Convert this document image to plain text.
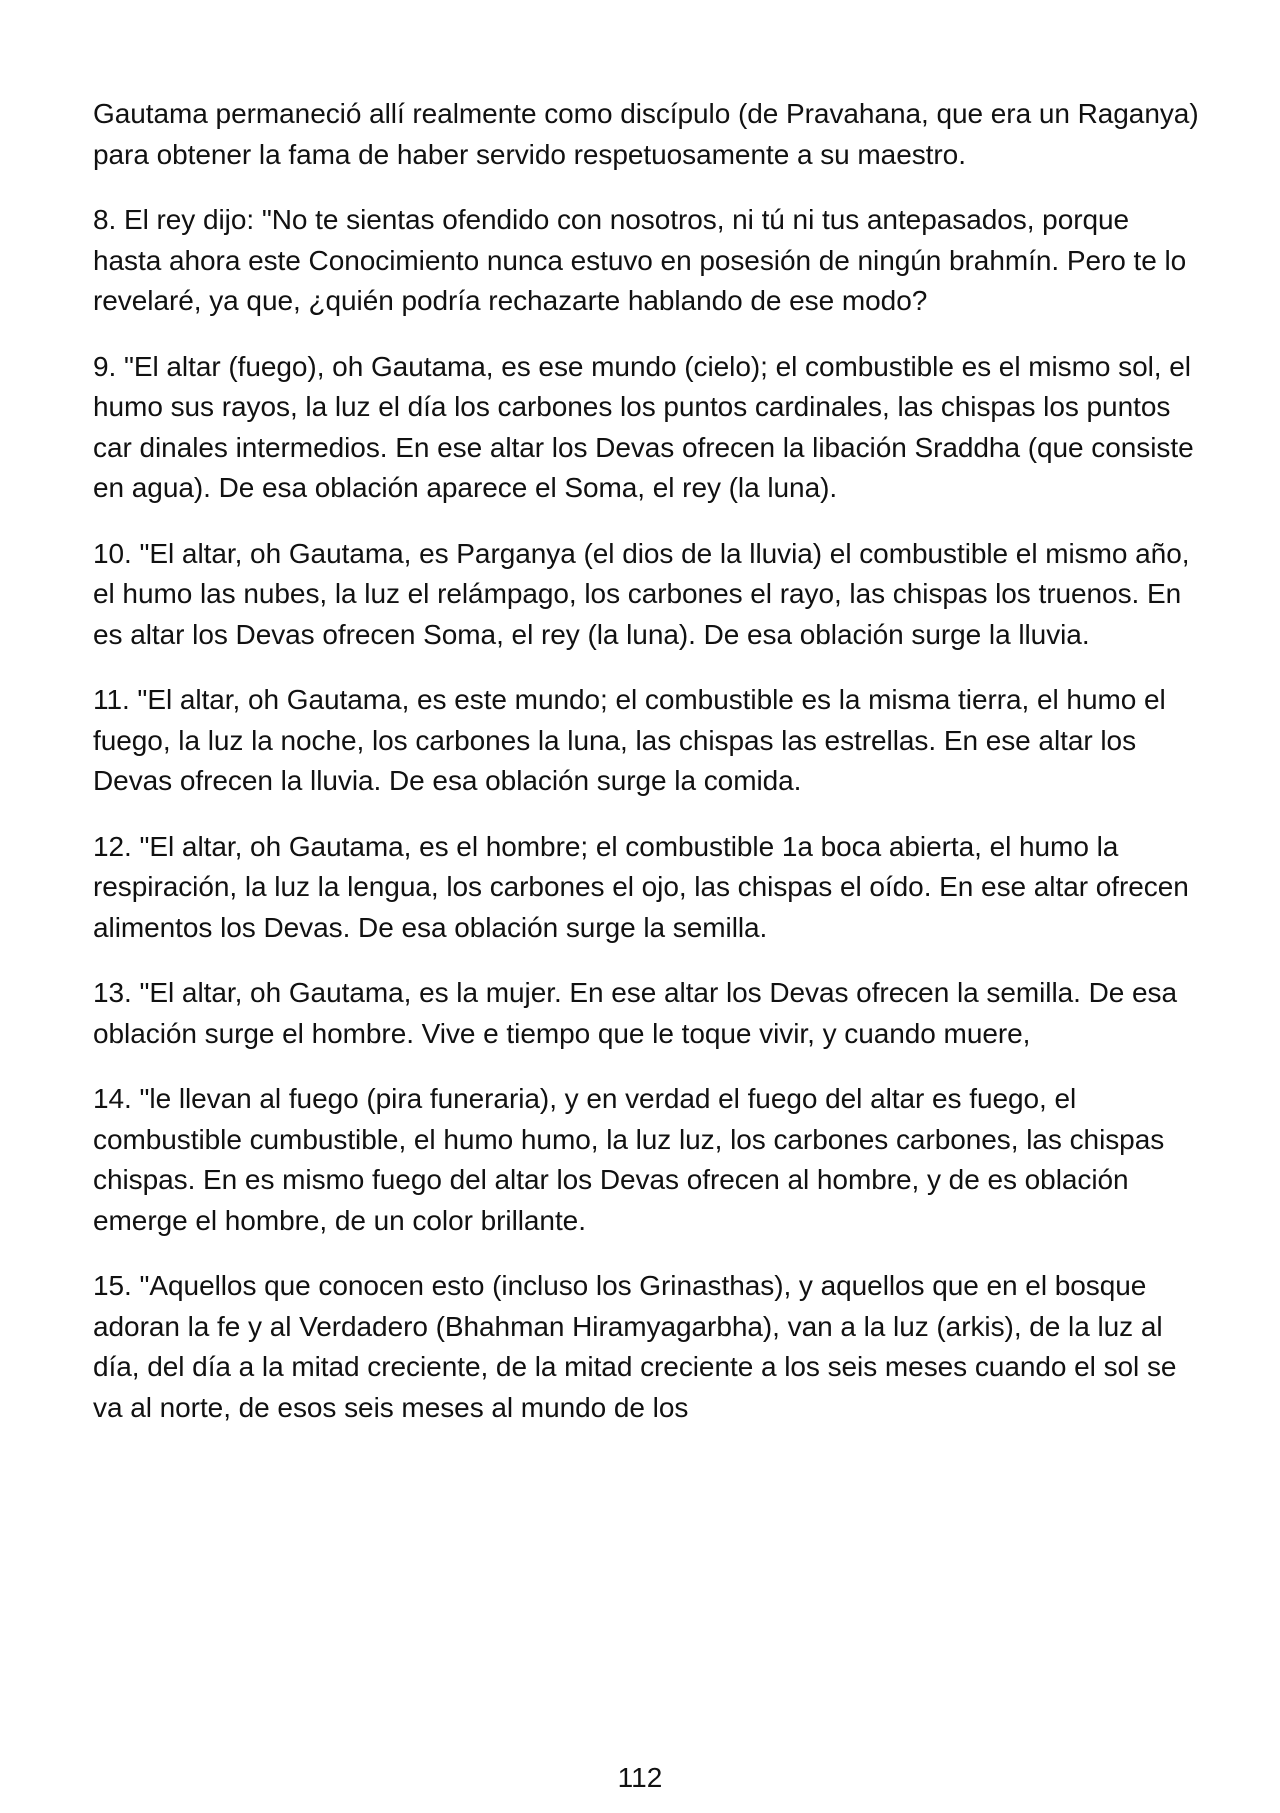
Gautama permaneció allí realmente como discípulo (de Pravahana, que era un Raganya) para obtener la fama de haber servido respetuosamente a su maestro.

8. El rey dijo: "No te sientas ofendido con nosotros, ni tú ni tus antepasados, porque hasta ahora este Conocimiento nunca estuvo en posesión de ningún brahmín. Pero te lo revelaré, ya que, ¿quién podría rechazarte hablando de ese modo?

9. "El altar (fuego), oh Gautama, es ese mundo (cielo); el combustible es el mismo sol, el humo sus rayos, la luz el día los carbones los puntos cardinales, las chispas los puntos car dinales intermedios. En ese altar los Devas ofrecen la libación Sraddha (que consiste en agua). De esa oblación aparece el Soma, el rey (la luna).

10. "El altar, oh Gautama, es Parganya (el dios de la lluvia) el combustible el mismo año, el humo las nubes, la luz el relámpago, los carbones el rayo, las chispas los truenos. En es altar los Devas ofrecen Soma, el rey (la luna). De esa oblación surge la lluvia.

11. "El altar, oh Gautama, es este mundo; el combustible es la misma tierra, el humo el fuego, la luz la noche, los carbones la luna, las chispas las estrellas. En ese altar los Devas ofrecen la lluvia. De esa oblación surge la comida.

12. "El altar, oh Gautama, es el hombre; el combustible 1a boca abierta, el humo la respiración, la luz la lengua, los carbones el ojo, las chispas el oído. En ese altar ofrecen alimentos los Devas. De esa oblación surge la semilla.

13. "El altar, oh Gautama, es la mujer. En ese altar los Devas ofrecen la semilla. De esa oblación surge el hombre. Vive e tiempo que le toque vivir, y cuando muere,

14. "le llevan al fuego (pira funeraria), y en verdad el fuego del altar es fuego, el combustible cumbustible, el humo humo, la luz luz, los carbones carbones, las chispas chispas. En es mismo fuego del altar los Devas ofrecen al hombre, y de es oblación emerge el hombre, de un color brillante.

15. "Aquellos que conocen esto (incluso los Grinasthas), y aquellos que en el bosque adoran la fe y al Verdadero (Bhahman Hiramyagarbha), van a la luz (arkis), de la luz al día, del día a la mitad creciente, de la mitad creciente a los seis meses cuando el sol se va al norte, de esos seis meses al mundo de los

112
